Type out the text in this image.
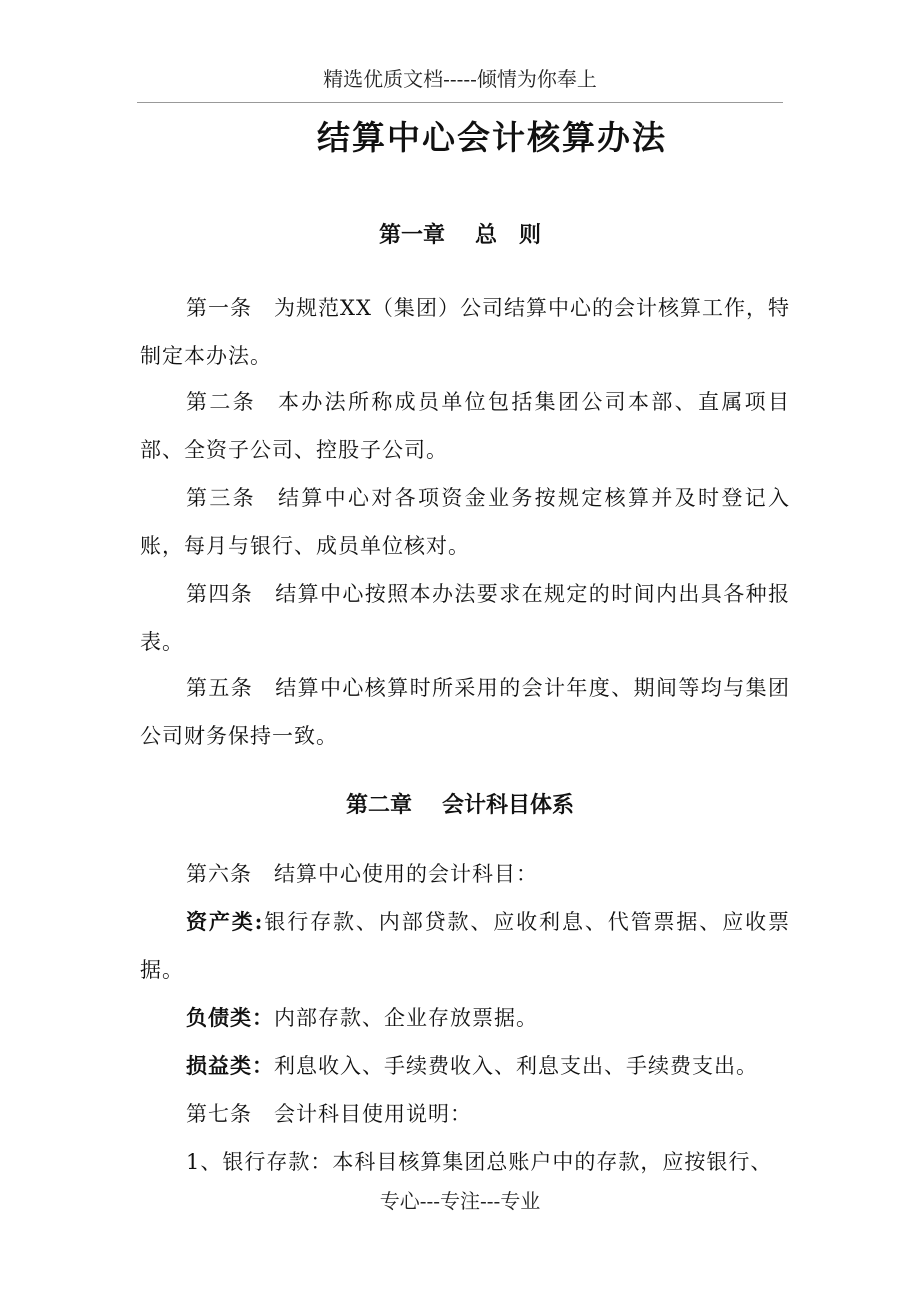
精选优质文档-----倾情为你奉上
结算中心会计核算办法
第一章 总　则
第一条 为规范XX（集团）公司结算中心的会计核算工作，特制定本办法。
第二条 本办法所称成员单位包括集团公司本部、直属项目部、全资子公司、控股子公司。
第三条 结算中心对各项资金业务按规定核算并及时登记入账，每月与银行、成员单位核对。
第四条 结算中心按照本办法要求在规定的时间内出具各种报表。
第五条 结算中心核算时所采用的会计年度、期间等均与集团公司财务保持一致。
第二章 会计科目体系
第六条 结算中心使用的会计科目：
资产类:银行存款、内部贷款、应收利息、代管票据、应收票据。
负债类：内部存款、企业存放票据。
损益类：利息收入、手续费收入、利息支出、手续费支出。
第七条 会计科目使用说明：
1、银行存款：本科目核算集团总账户中的存款，应按银行、
专心---专注---专业
